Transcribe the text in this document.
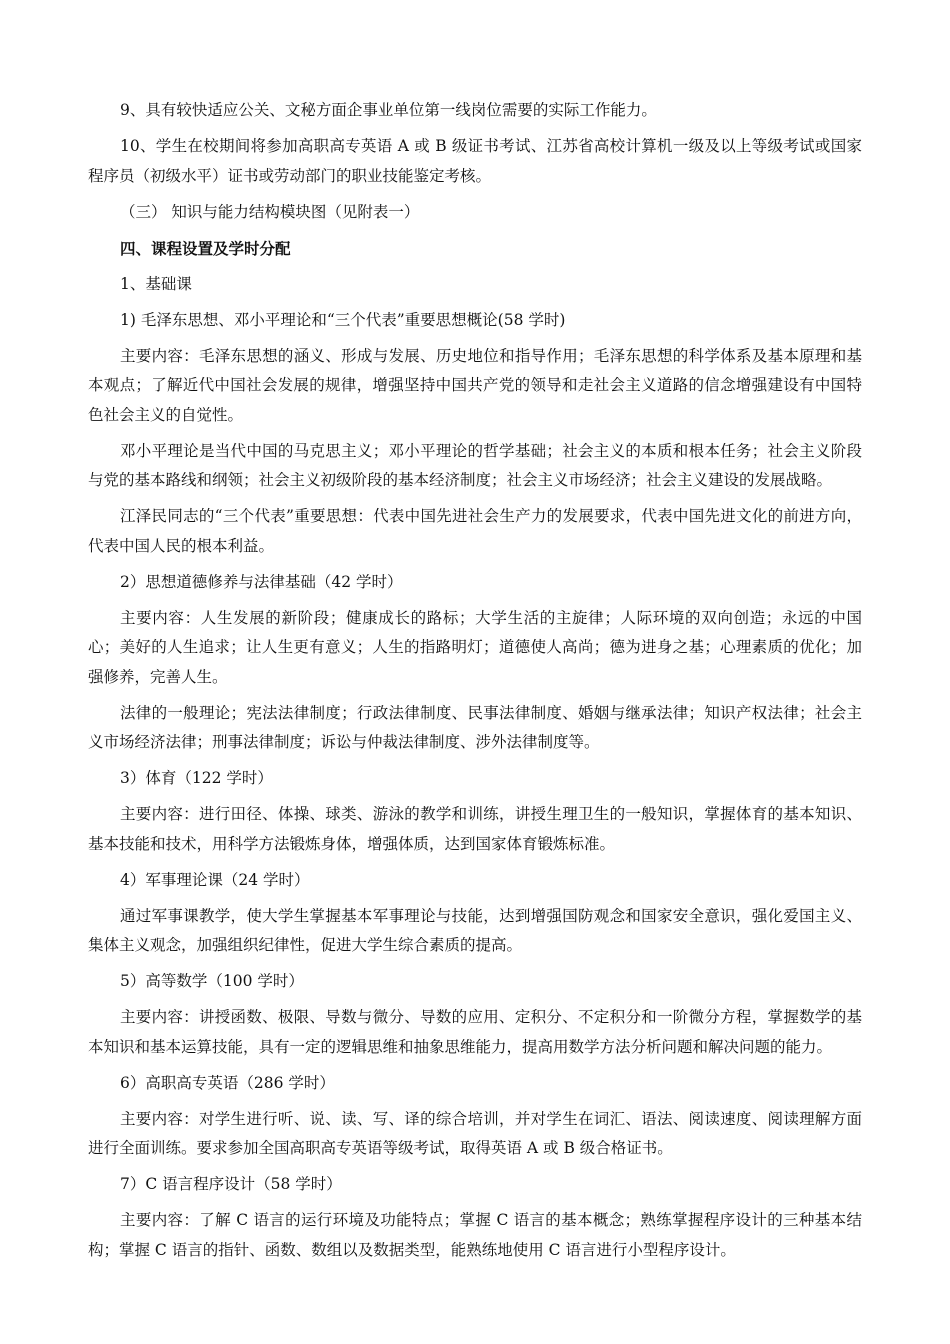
9、具有较快适应公关、文秘方面企事业单位第一线岗位需要的实际工作能力。

10、学生在校期间将参加高职高专英语 A 或 B 级证书考试、江苏省高校计算机一级及以上等级考试或国家程序员（初级水平）证书或劳动部门的职业技能鉴定考核。

（三） 知识与能力结构模块图（见附表一）

四、课程设置及学时分配

1、基础课

1) 毛泽东思想、邓小平理论和“三个代表”重要思想概论(58 学时)

主要内容：毛泽东思想的涵义、形成与发展、历史地位和指导作用；毛泽东思想的科学体系及基本原理和基本观点；了解近代中国社会发展的规律，增强坚持中国共产党的领导和走社会主义道路的信念增强建设有中国特色社会主义的自觉性。

邓小平理论是当代中国的马克思主义；邓小平理论的哲学基础；社会主义的本质和根本任务；社会主义阶段与党的基本路线和纲领；社会主义初级阶段的基本经济制度；社会主义市场经济；社会主义建设的发展战略。

江泽民同志的“三个代表”重要思想：代表中国先进社会生产力的发展要求，代表中国先进文化的前进方向，代表中国人民的根本利益。

2）思想道德修养与法律基础（42 学时）

主要内容：人生发展的新阶段；健康成长的路标；大学生活的主旋律；人际环境的双向创造；永远的中国心；美好的人生追求；让人生更有意义；人生的指路明灯；道德使人高尚；德为进身之基；心理素质的优化；加强修养，完善人生。

法律的一般理论；宪法法律制度；行政法律制度、民事法律制度、婚姻与继承法律；知识产权法律；社会主义市场经济法律；刑事法律制度；诉讼与仲裁法律制度、涉外法律制度等。

3）体育（122 学时）

主要内容：进行田径、体操、球类、游泳的教学和训练，讲授生理卫生的一般知识，掌握体育的基本知识、基本技能和技术，用科学方法锻炼身体，增强体质，达到国家体育锻炼标准。

4）军事理论课（24 学时）

通过军事课教学，使大学生掌握基本军事理论与技能，达到增强国防观念和国家安全意识，强化爱国主义、集体主义观念，加强组织纪律性，促进大学生综合素质的提高。

5）高等数学（100 学时）

主要内容：讲授函数、极限、导数与微分、导数的应用、定积分、不定积分和一阶微分方程，掌握数学的基本知识和基本运算技能，具有一定的逻辑思维和抽象思维能力，提高用数学方法分析问题和解决问题的能力。

6）高职高专英语（286 学时）

主要内容：对学生进行听、说、读、写、译的综合培训，并对学生在词汇、语法、阅读速度、阅读理解方面进行全面训练。要求参加全国高职高专英语等级考试，取得英语 A 或 B 级合格证书。

7）C 语言程序设计（58 学时）

主要内容：了解 C 语言的运行环境及功能特点；掌握 C 语言的基本概念；熟练掌握程序设计的三种基本结构；掌握 C 语言的指针、函数、数组以及数据类型，能熟练地使用 C 语言进行小型程序设计。
